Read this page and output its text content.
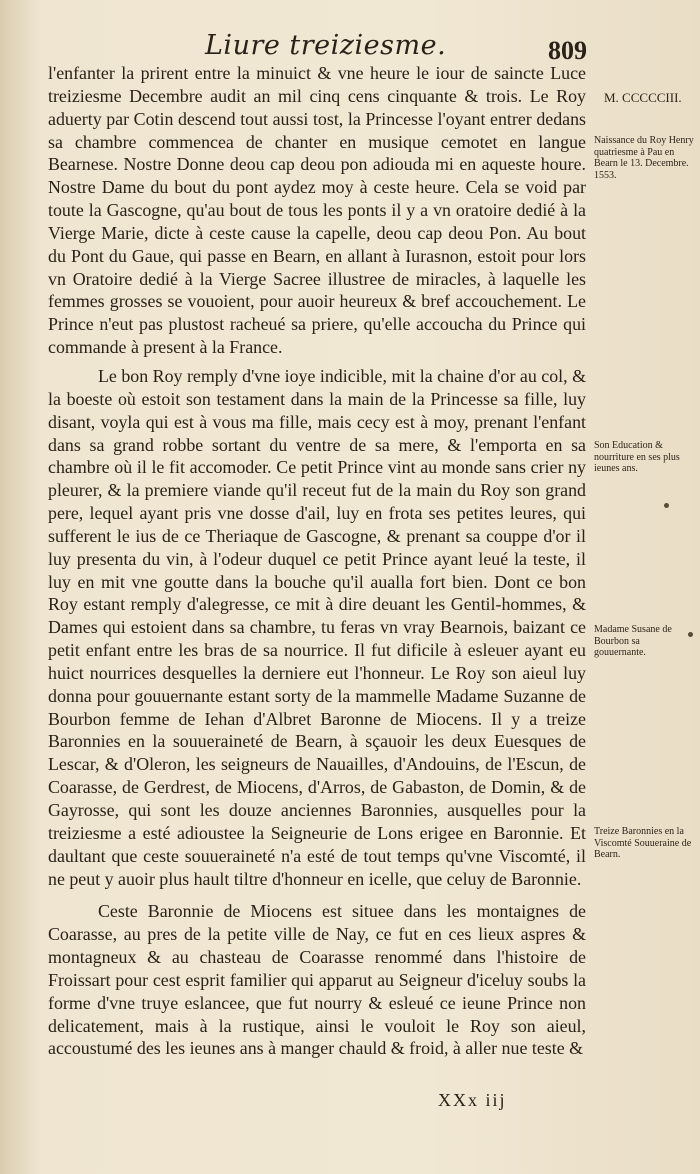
Liure treiziesme.	809

l'enfanter la prirent entre la minuict & vne heure le iour de saincte Luce treiziesme Decembre audit an mil cinq cens cinquante & trois. Le Roy aduerty par Cotin descend tout aussi tost, la Princesse l'oyant entrer dedans sa chambre commencea de chanter en musique cemotet en langue Bearnese. Nostre Donne deou cap deou pon adiouda mi en aqueste houre. Nostre Dame du bout du pont aydez moy à ceste heure. Cela se void par toute la Gascogne, qu'au bout de tous les ponts il y a vn oratoire dedié à la Vierge Marie, dicte à ceste cause la capelle, deou cap deou Pon. Au bout du Pont du Gaue, qui passe en Bearn, en allant à Iurasnon, estoit pour lors vn Oratoire dedié à la Vierge Sacree illustree de miracles, à laquelle les femmes grosses se vouoient, pour auoir heureux & bref accouchement. Le Prince n'eut pas plustost racheué sa priere, qu'elle accoucha du Prince qui commande à present à la France.

Le bon Roy remply d'vne ioye indicible, mit la chaine d'or au col, & la boeste où estoit son testament dans la main de la Princesse sa fille, luy disant, voyla qui est à vous ma fille, mais cecy est à moy, prenant l'enfant dans sa grand robbe sortant du ventre de sa mere, & l'emporta en sa chambre où il le fit accomoder. Ce petit Prince vint au monde sans crier ny pleurer, & la premiere viande qu'il receut fut de la main du Roy son grand pere, lequel ayant pris vne dosse d'ail, luy en frota ses petites leures, qui sufferent le ius de ce Theriaque de Gascogne, & prenant sa couppe d'or il luy presenta du vin, à l'odeur duquel ce petit Prince ayant leué la teste, il luy en mit vne goutte dans la bouche qu'il aualla fort bien. Dont ce bon Roy estant remply d'alegresse, ce mit à dire deuant les Gentil-hommes, & Dames qui estoient dans sa chambre, tu feras vn vray Bearnois, baizant ce petit enfant entre les bras de sa nourrice. Il fut dificile à esleuer ayant eu huict nourrices desquelles la derniere eut l'honneur. Le Roy son aieul luy donna pour gouuernante estant sorty de la mammelle Madame Suzanne de Bourbon femme de Iehan d'Albret Baronne de Miocens. Il y a treize Baronnies en la souueraineté de Bearn, à sçauoir les deux Euesques de Lescar, & d'Oleron, les seigneurs de Nauailles, d'Andouins, de l'Escun, de Coarasse, de Gerdrest, de Miocens, d'Arros, de Gabaston, de Domin, & de Gayrosse, qui sont les douze anciennes Baronnies, ausquelles pour la treiziesme a esté adioustee la Seigneurie de Lons erigee en Baronnie. Et daultant que ceste souueraineté n'a esté de tout temps qu'vne Viscomté, il ne peut y auoir plus hault tiltre d'honneur en icelle, que celuy de Baronnie.

Ceste Baronnie de Miocens est situee dans les montaignes de Coarasse, au pres de la petite ville de Nay, ce fut en ces lieux aspres & montagneux & au chasteau de Coarasse renommé dans l'histoire de Froissart pour cest esprit familier qui apparut au Seigneur d'iceluy soubs la forme d'vne truye eslancee, que fut nourry & esleué ce ieune Prince non delicatement, mais à la rustique, ainsi le vouloit le Roy son aieul, accoustumé des les ieunes ans à manger chauld & froid, à aller nue teste &

M. CCCCCIII.
Naissance du Roy Henry quatriesme à Pau en Bearn le 13. Decembre. 1553.
Son Education & nourriture en ses plus ieunes ans.
Madame Susane de Bourbon sa gouuernante.
Treize Baronnies en la Viscomté Souueraine de Bearn.
XXx iij
